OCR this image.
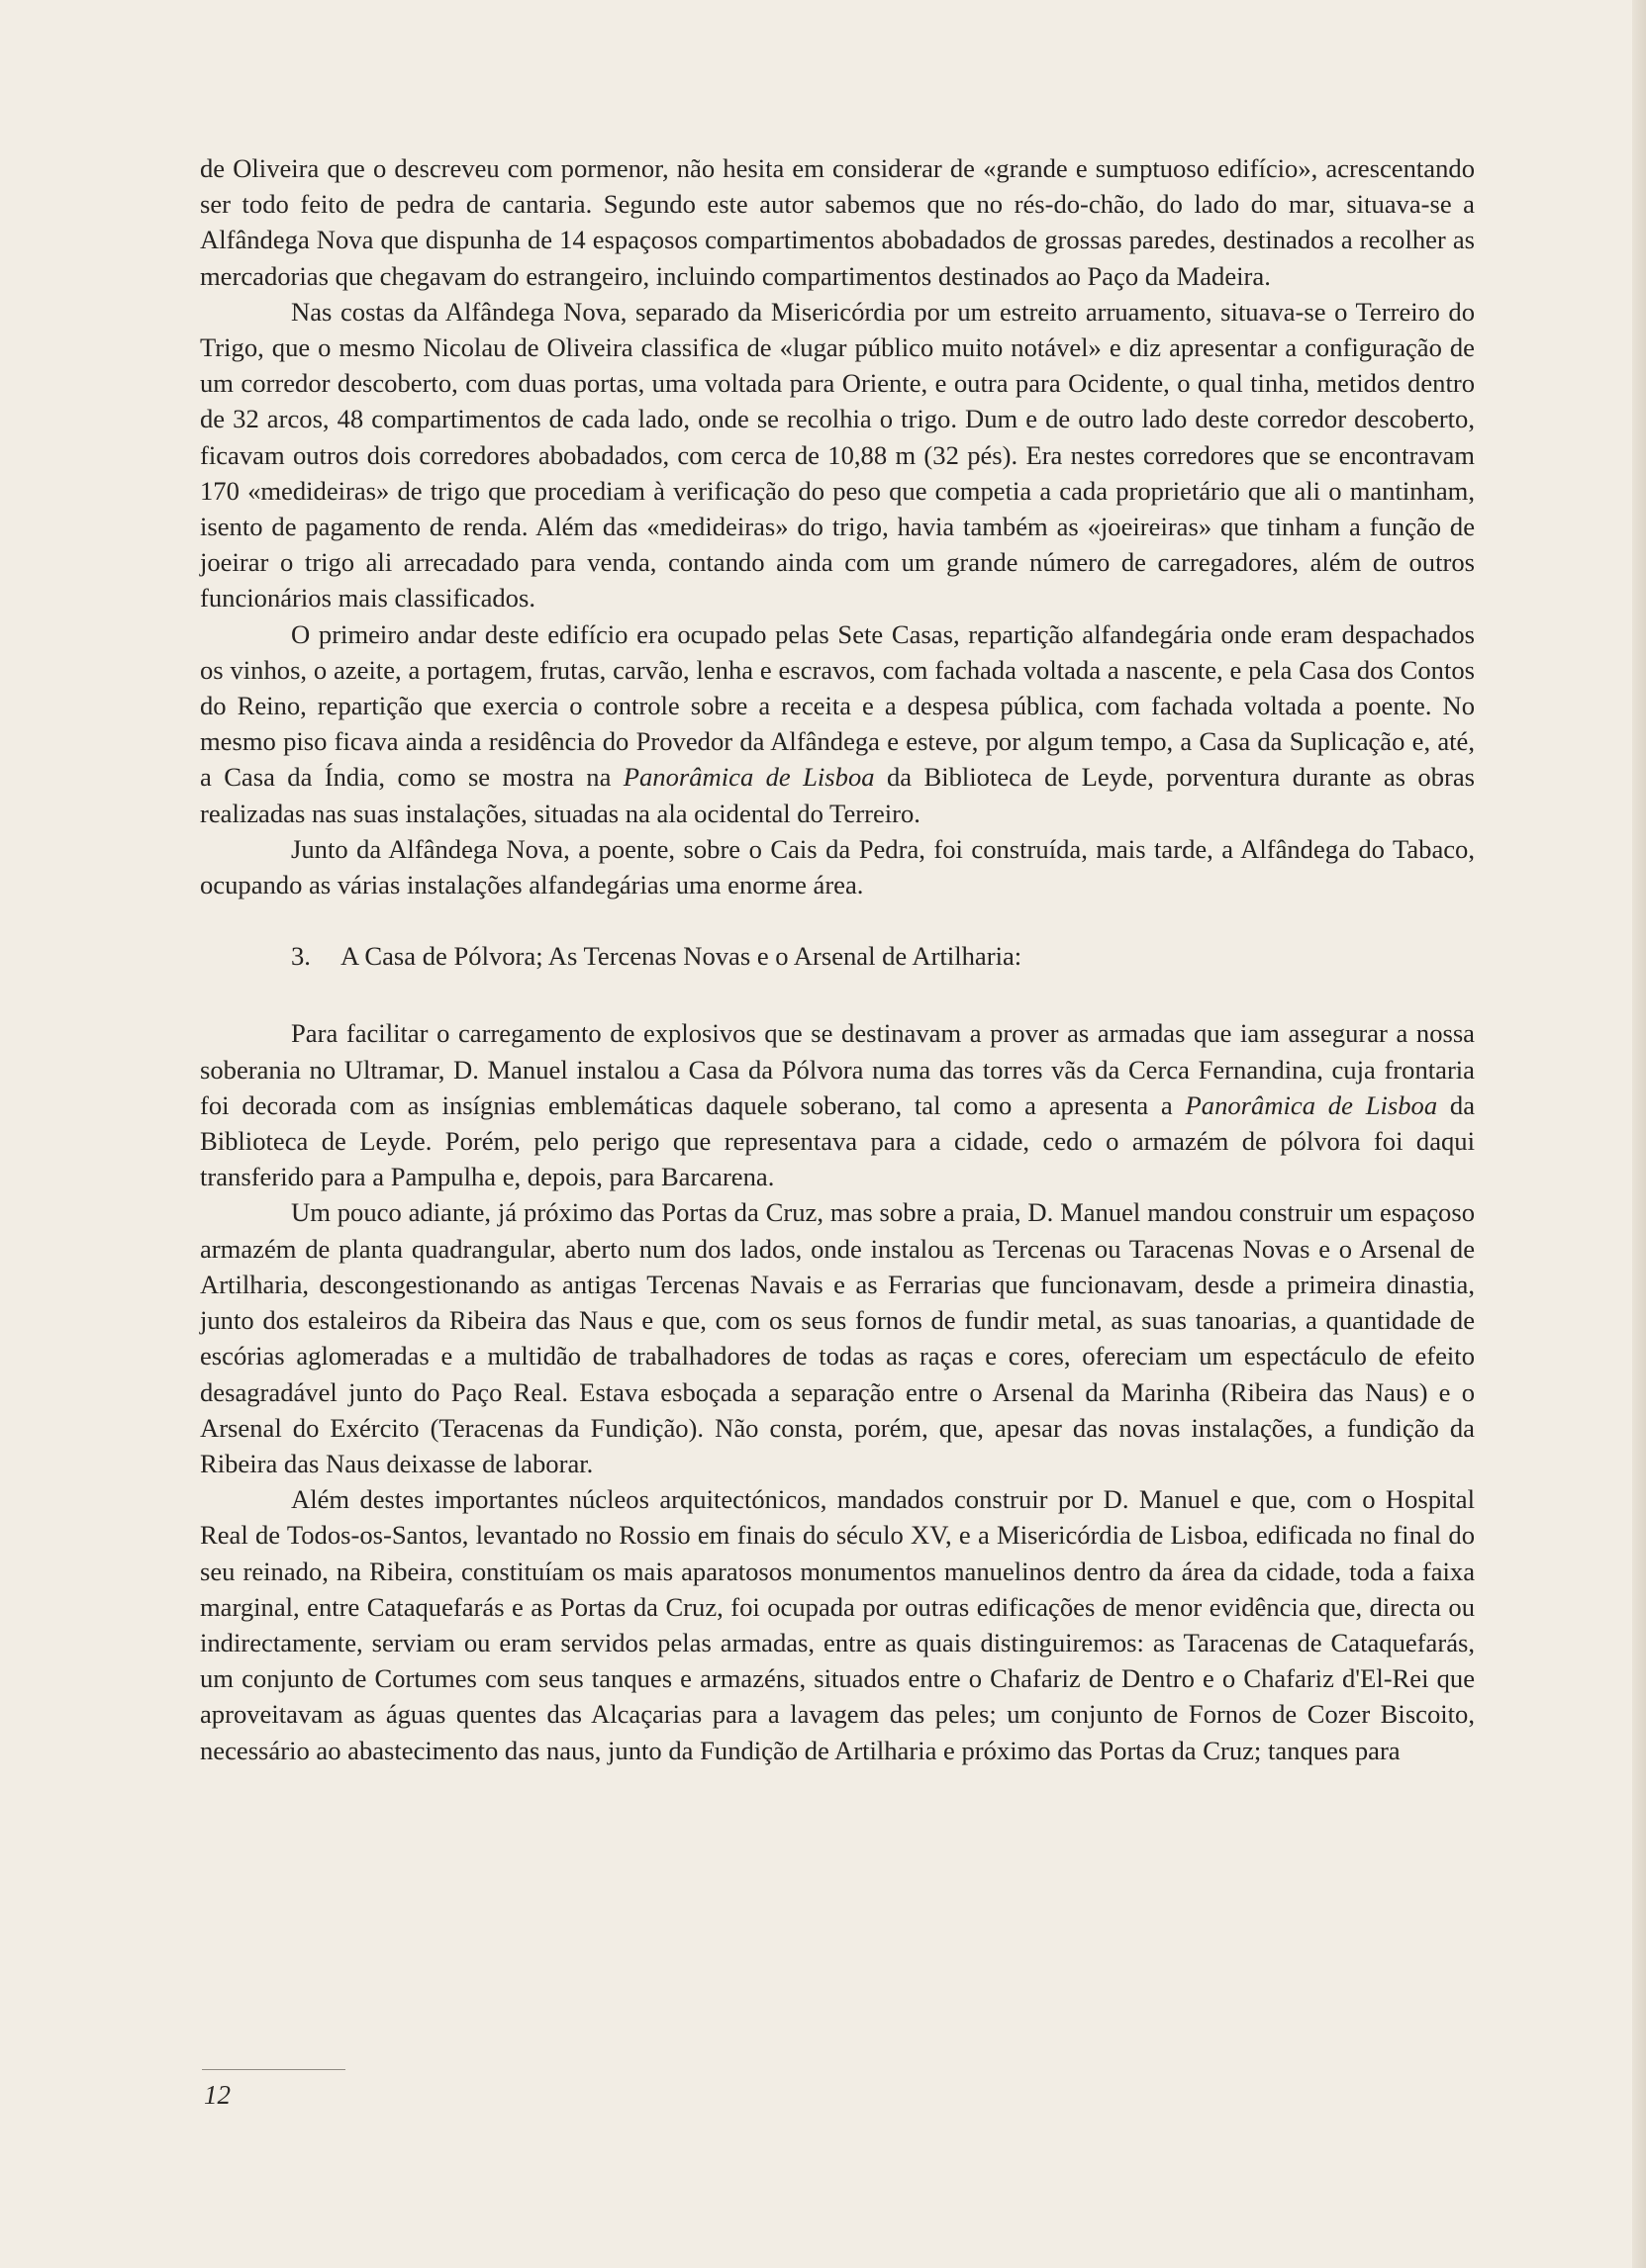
de Oliveira que o descreveu com pormenor, não hesita em considerar de «grande e sumptuoso edifício», acrescentando ser todo feito de pedra de cantaria. Segundo este autor sabemos que no rés-do-chão, do lado do mar, situava-se a Alfândega Nova que dispunha de 14 espaçosos compartimentos abobadados de grossas paredes, destinados a recolher as mercadorias que chegavam do estrangeiro, incluindo compartimentos destinados ao Paço da Madeira.

Nas costas da Alfândega Nova, separado da Misericórdia por um estreito arruamento, situava-se o Terreiro do Trigo, que o mesmo Nicolau de Oliveira classifica de «lugar público muito notável» e diz apresentar a configuração de um corredor descoberto, com duas portas, uma voltada para Oriente, e outra para Ocidente, o qual tinha, metidos dentro de 32 arcos, 48 compartimentos de cada lado, onde se recolhia o trigo. Dum e de outro lado deste corredor descoberto, ficavam outros dois corredores abobadados, com cerca de 10,88 m (32 pés). Era nestes corredores que se encontravam 170 «medideiras» de trigo que procediam à verificação do peso que competia a cada proprietário que ali o mantinham, isento de pagamento de renda. Além das «medideiras» do trigo, havia também as «joeireiras» que tinham a função de joeirar o trigo ali arrecadado para venda, contando ainda com um grande número de carregadores, além de outros funcionários mais classificados.

O primeiro andar deste edifício era ocupado pelas Sete Casas, repartição alfandegária onde eram despachados os vinhos, o azeite, a portagem, frutas, carvão, lenha e escravos, com fachada voltada a nascente, e pela Casa dos Contos do Reino, repartição que exercia o controle sobre a receita e a despesa pública, com fachada voltada a poente. No mesmo piso ficava ainda a residência do Provedor da Alfândega e esteve, por algum tempo, a Casa da Suplicação e, até, a Casa da Índia, como se mostra na Panorâmica de Lisboa da Biblioteca de Leyde, porventura durante as obras realizadas nas suas instalações, situadas na ala ocidental do Terreiro.

Junto da Alfândega Nova, a poente, sobre o Cais da Pedra, foi construída, mais tarde, a Alfândega do Tabaco, ocupando as várias instalações alfandegárias uma enorme área.

3. A Casa de Pólvora; As Tercenas Novas e o Arsenal de Artilharia:

Para facilitar o carregamento de explosivos que se destinavam a prover as armadas que iam assegurar a nossa soberania no Ultramar, D. Manuel instalou a Casa da Pólvora numa das torres vãs da Cerca Fernandina, cuja frontaria foi decorada com as insígnias emblemáticas daquele soberano, tal como a apresenta a Panorâmica de Lisboa da Biblioteca de Leyde. Porém, pelo perigo que representava para a cidade, cedo o armazém de pólvora foi daqui transferido para a Pampulha e, depois, para Barcarena.

Um pouco adiante, já próximo das Portas da Cruz, mas sobre a praia, D. Manuel mandou construir um espaçoso armazém de planta quadrangular, aberto num dos lados, onde instalou as Tercenas ou Taracenas Novas e o Arsenal de Artilharia, descongestionando as antigas Tercenas Navais e as Ferrarias que funcionavam, desde a primeira dinastia, junto dos estaleiros da Ribeira das Naus e que, com os seus fornos de fundir metal, as suas tanoarias, a quantidade de escórias aglomeradas e a multidão de trabalhadores de todas as raças e cores, ofereciam um espectáculo de efeito desagradável junto do Paço Real. Estava esboçada a separação entre o Arsenal da Marinha (Ribeira das Naus) e o Arsenal do Exército (Teracenas da Fundição). Não consta, porém, que, apesar das novas instalações, a fundição da Ribeira das Naus deixasse de laborar.

Além destes importantes núcleos arquitectónicos, mandados construir por D. Manuel e que, com o Hospital Real de Todos-os-Santos, levantado no Rossio em finais do século XV, e a Misericórdia de Lisboa, edificada no final do seu reinado, na Ribeira, constituíam os mais aparatosos monumentos manuelinos dentro da área da cidade, toda a faixa marginal, entre Cataquefarás e as Portas da Cruz, foi ocupada por outras edificações de menor evidência que, directa ou indirectamente, serviam ou eram servidos pelas armadas, entre as quais distinguiremos: as Taracenas de Cataquefarás, um conjunto de Cortumes com seus tanques e armazéns, situados entre o Chafariz de Dentro e o Chafariz d'El-Rei que aproveitavam as águas quentes das Alcaçarias para a lavagem das peles; um conjunto de Fornos de Cozer Biscoito, necessário ao abastecimento das naus, junto da Fundição de Artilharia e próximo das Portas da Cruz; tanques para

12
